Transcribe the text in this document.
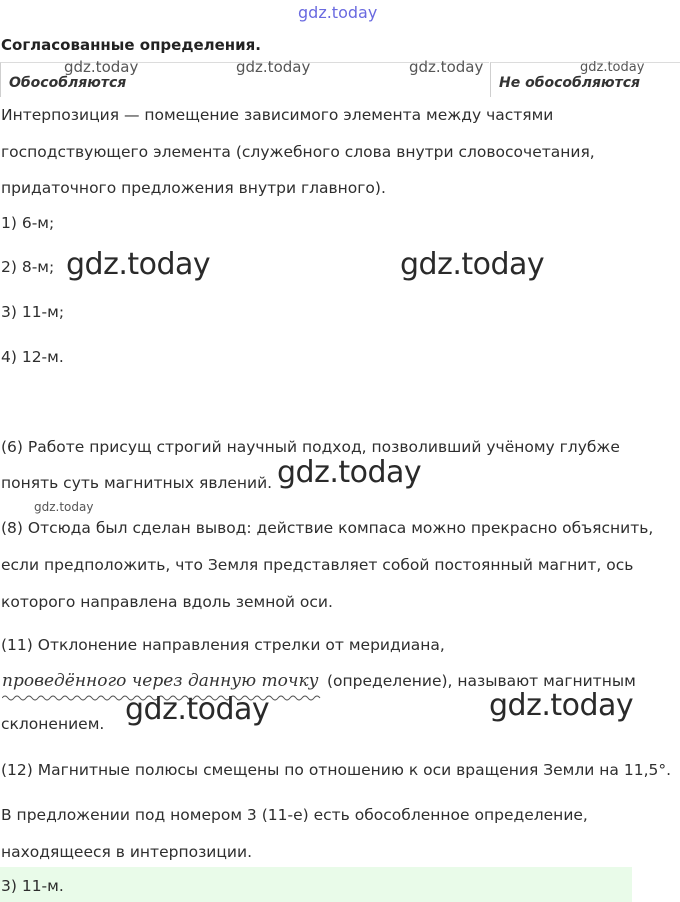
gdz.today
Согласованные определения.
Обособляются	Не обособляются
gdz.today	gdz.today	gdz.today	gdz.today
Интерпозиция — помещение зависимого элемента между частями
господствующего элемента (служебного слова внутри словосочетания,
придаточного предложения внутри главного).
1) 6-м;
2) 8-м;
3) 11-м;
4) 12-м.
gdz.today	gdz.today
(6) Работе присущ строгий научный подход, позволивший учёному глубже
понять суть магнитных явлений. gdz.today
gdz.today
(8) Отсюда был сделан вывод: действие компаса можно прекрасно объяснить,
если предположить, что Земля представляет собой постоянный магнит, ось
которого направлена вдоль земной оси.
(11) Отклонение направления стрелки от меридиана,
проведённого через данную точку (определение), называют магнитным
склонением. gdz.today	gdz.today
(12) Магнитные полюсы смещены по отношению к оси вращения Земли на 11,5°.
В предложении под номером 3 (11-е) есть обособленное определение,
находящееся в интерпозиции.
3) 11-м.
